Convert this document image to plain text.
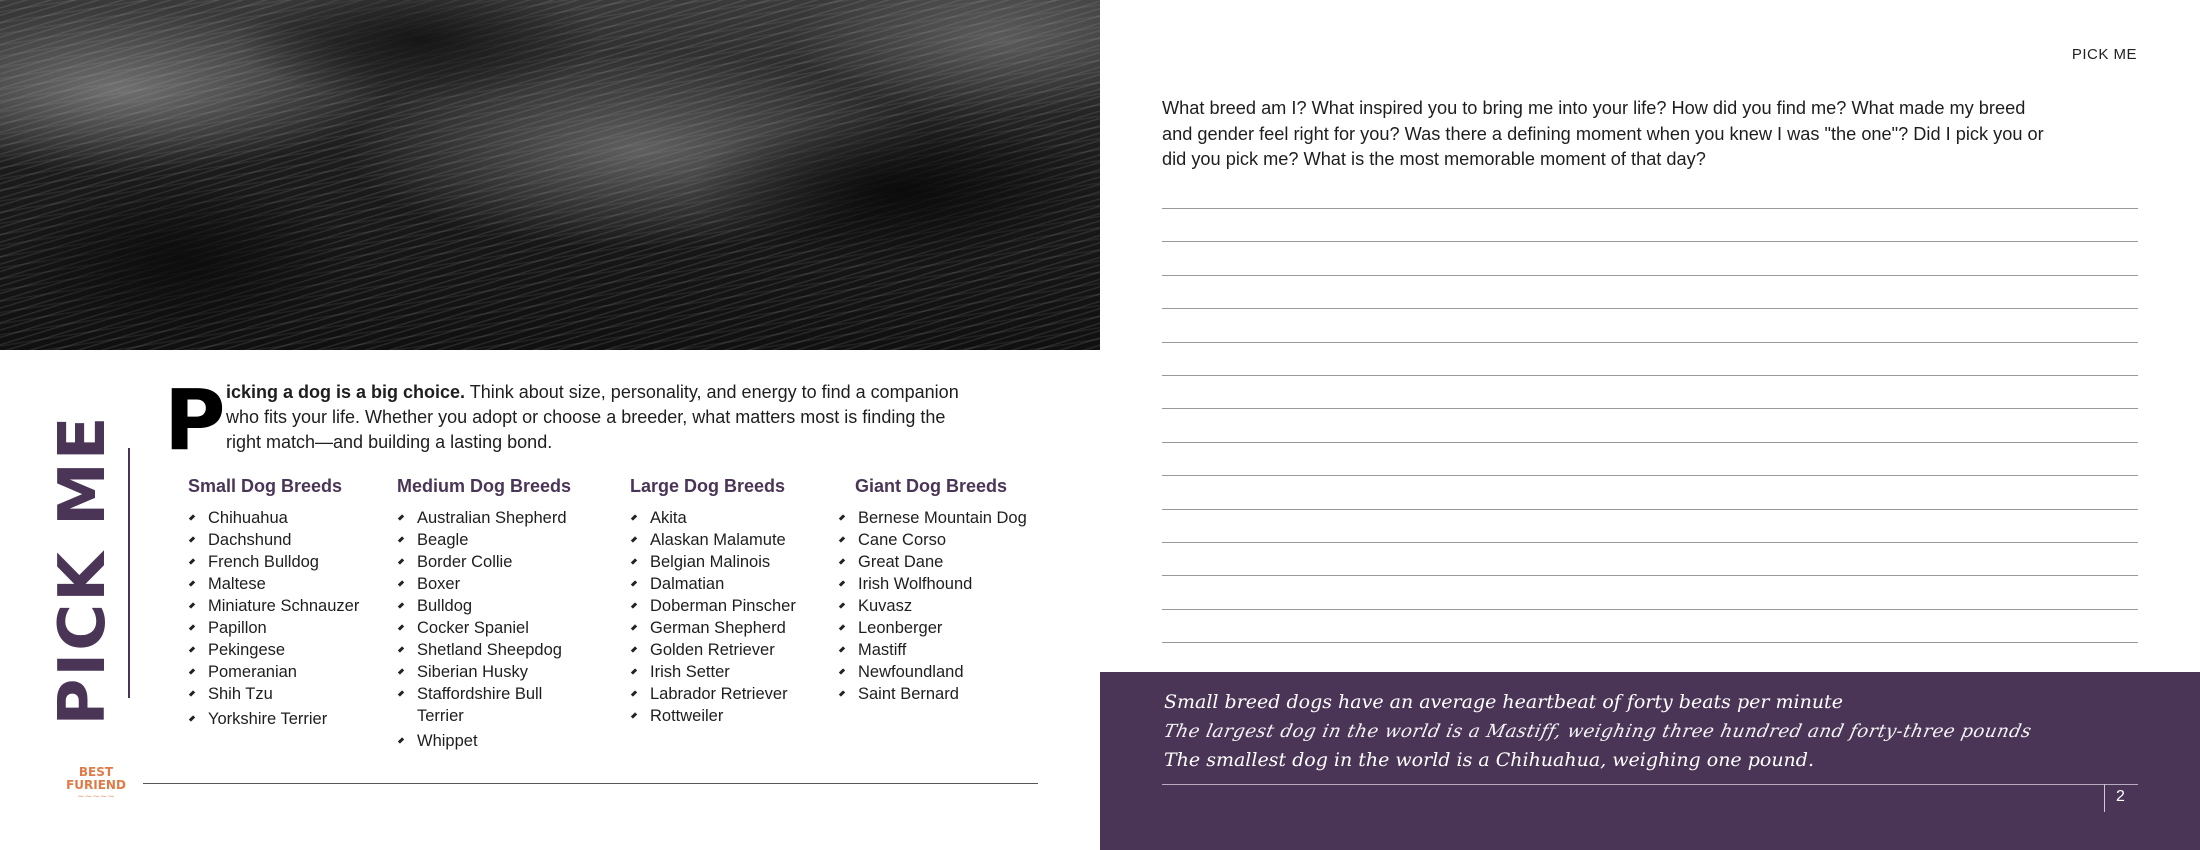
PICK ME P icking a dog is a big choice. Think about size, personality, and energy to find a companion
who fits your life. Whether you adopt or choose a breeder, what matters most is finding the
right match—and building a lasting bond.
Small Dog Breeds
Chihuahua
Dachshund
French Bulldog
Maltese
Miniature Schnauzer
Papillon
Pekingese
Pomeranian
Shih Tzu
Yorkshire Terrier
Medium Dog Breeds
Australian Shepherd
Beagle
Border Collie
Boxer
Bulldog
Cocker Spaniel
Shetland Sheepdog
Siberian Husky
Staffordshire Bull Terrier
Whippet
Large Dog Breeds
Akita
Alaskan Malamute
Belgian Malinois
Dalmatian
Doberman Pinscher
German Shepherd
Golden Retriever
Irish Setter
Labrador Retriever
Rottweiler
Giant Dog Breeds
Bernese Mountain Dog
Cane Corso
Great Dane
Irish Wolfhound
Kuvasz
Leonberger
Mastiff
Newfoundland
Saint Bernard
BEST
FURIEND
~~~~~
PICK ME
What breed am I? What inspired you to bring me into your life? How did you find me? What made my breed
and gender feel right for you? Was there a defining moment when you knew I was "the one"? Did I pick you or
did you pick me? What is the most memorable moment of that day?
Small breed dogs have an average heartbeat of forty beats per minute
The largest dog in the world is a Mastiff, weighing three hundred and forty-three pounds
The smallest dog in the world is a Chihuahua, weighing one pound.
2
